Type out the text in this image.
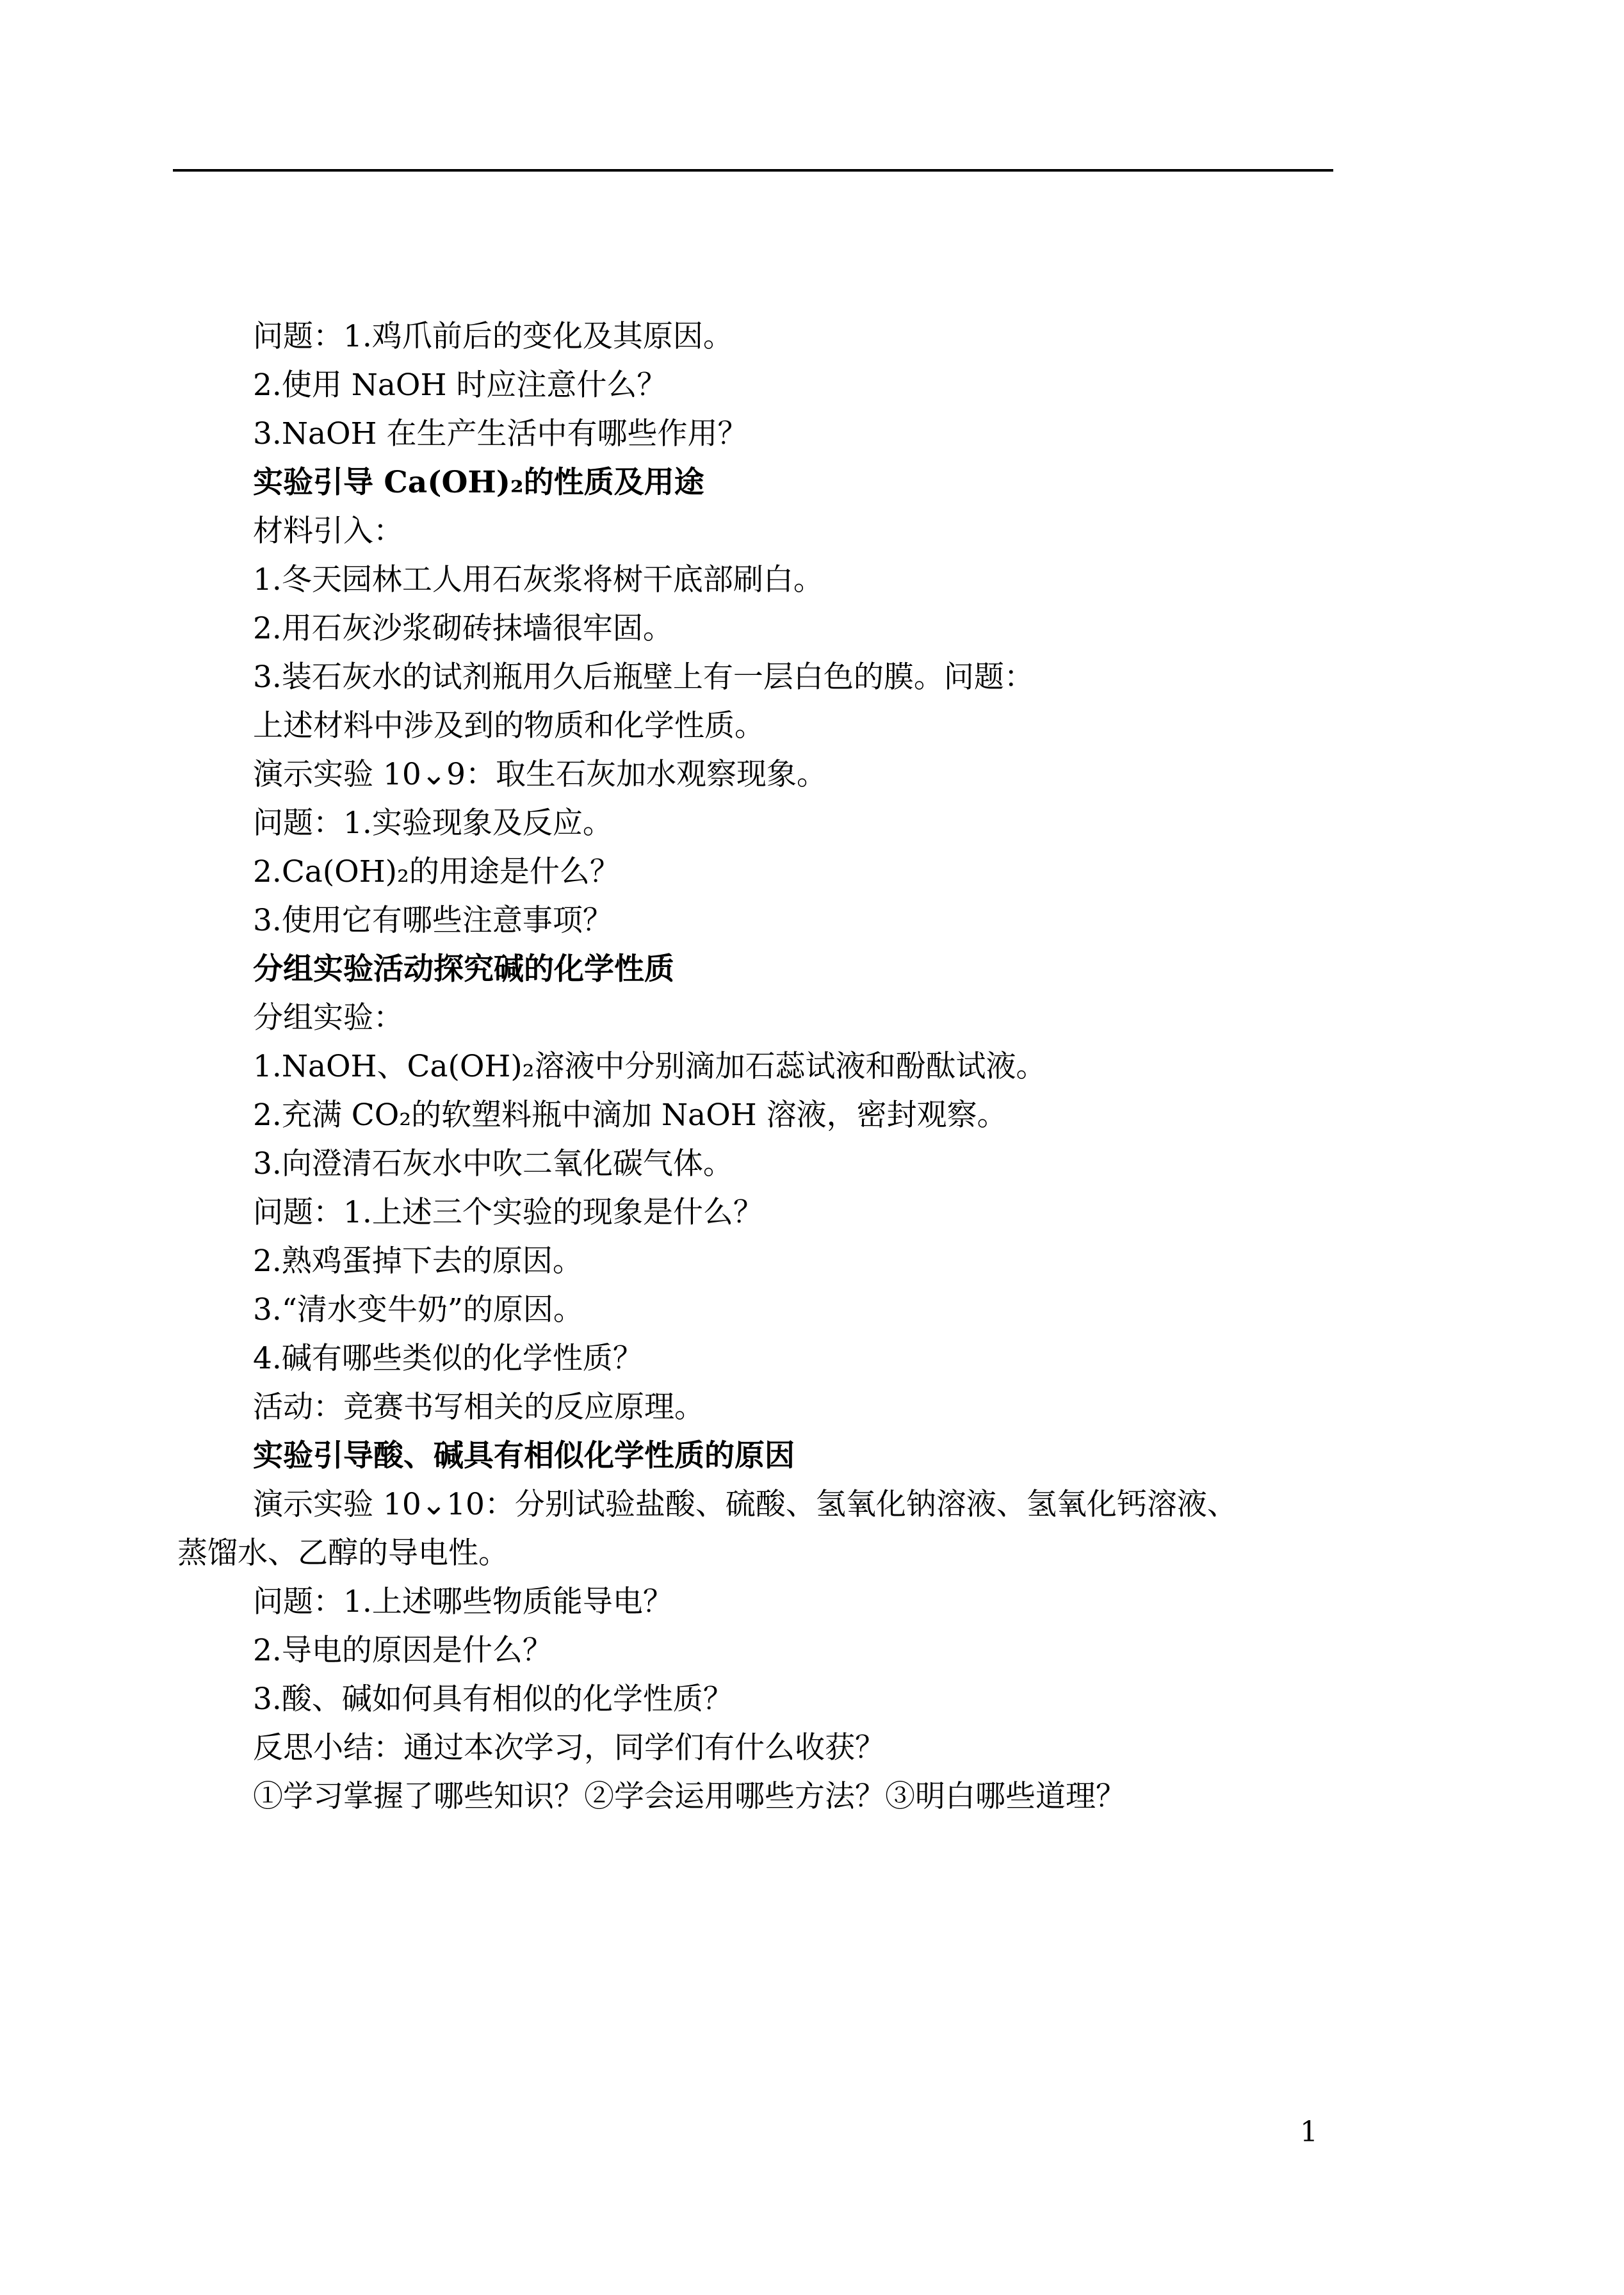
问题：1.鸡爪前后的变化及其原因。
2.使用 NaOH 时应注意什么？
3.NaOH 在生产生活中有哪些作用？
实验引导 Ca(OH)₂的性质及用途
材料引入：
1.冬天园林工人用石灰浆将树干底部刷白。
2.用石灰沙浆砌砖抹墙很牢固。
3.装石灰水的试剂瓶用久后瓶壁上有一层白色的膜。问题：
上述材料中涉及到的物质和化学性质。
演示实验 10⌄9：取生石灰加水观察现象。
问题：1.实验现象及反应。
2.Ca(OH)₂的用途是什么？
3.使用它有哪些注意事项？
分组实验活动探究碱的化学性质
分组实验：
1.NaOH、Ca(OH)₂溶液中分别滴加石蕊试液和酚酞试液。
2.充满 CO₂的软塑料瓶中滴加 NaOH 溶液，密封观察。
3.向澄清石灰水中吹二氧化碳气体。
问题：1.上述三个实验的现象是什么？
2.熟鸡蛋掉下去的原因。
3.“清水变牛奶”的原因。
4.碱有哪些类似的化学性质？
活动：竞赛书写相关的反应原理。
实验引导酸、碱具有相似化学性质的原因
演示实验 10⌄10：分别试验盐酸、硫酸、氢氧化钠溶液、氢氧化钙溶液、
蒸馏水、乙醇的导电性。
问题：1.上述哪些物质能导电？
2.导电的原因是什么？
3.酸、碱如何具有相似的化学性质？
反思小结：通过本次学习，同学们有什么收获？
①学习掌握了哪些知识？②学会运用哪些方法？③明白哪些道理？
1
